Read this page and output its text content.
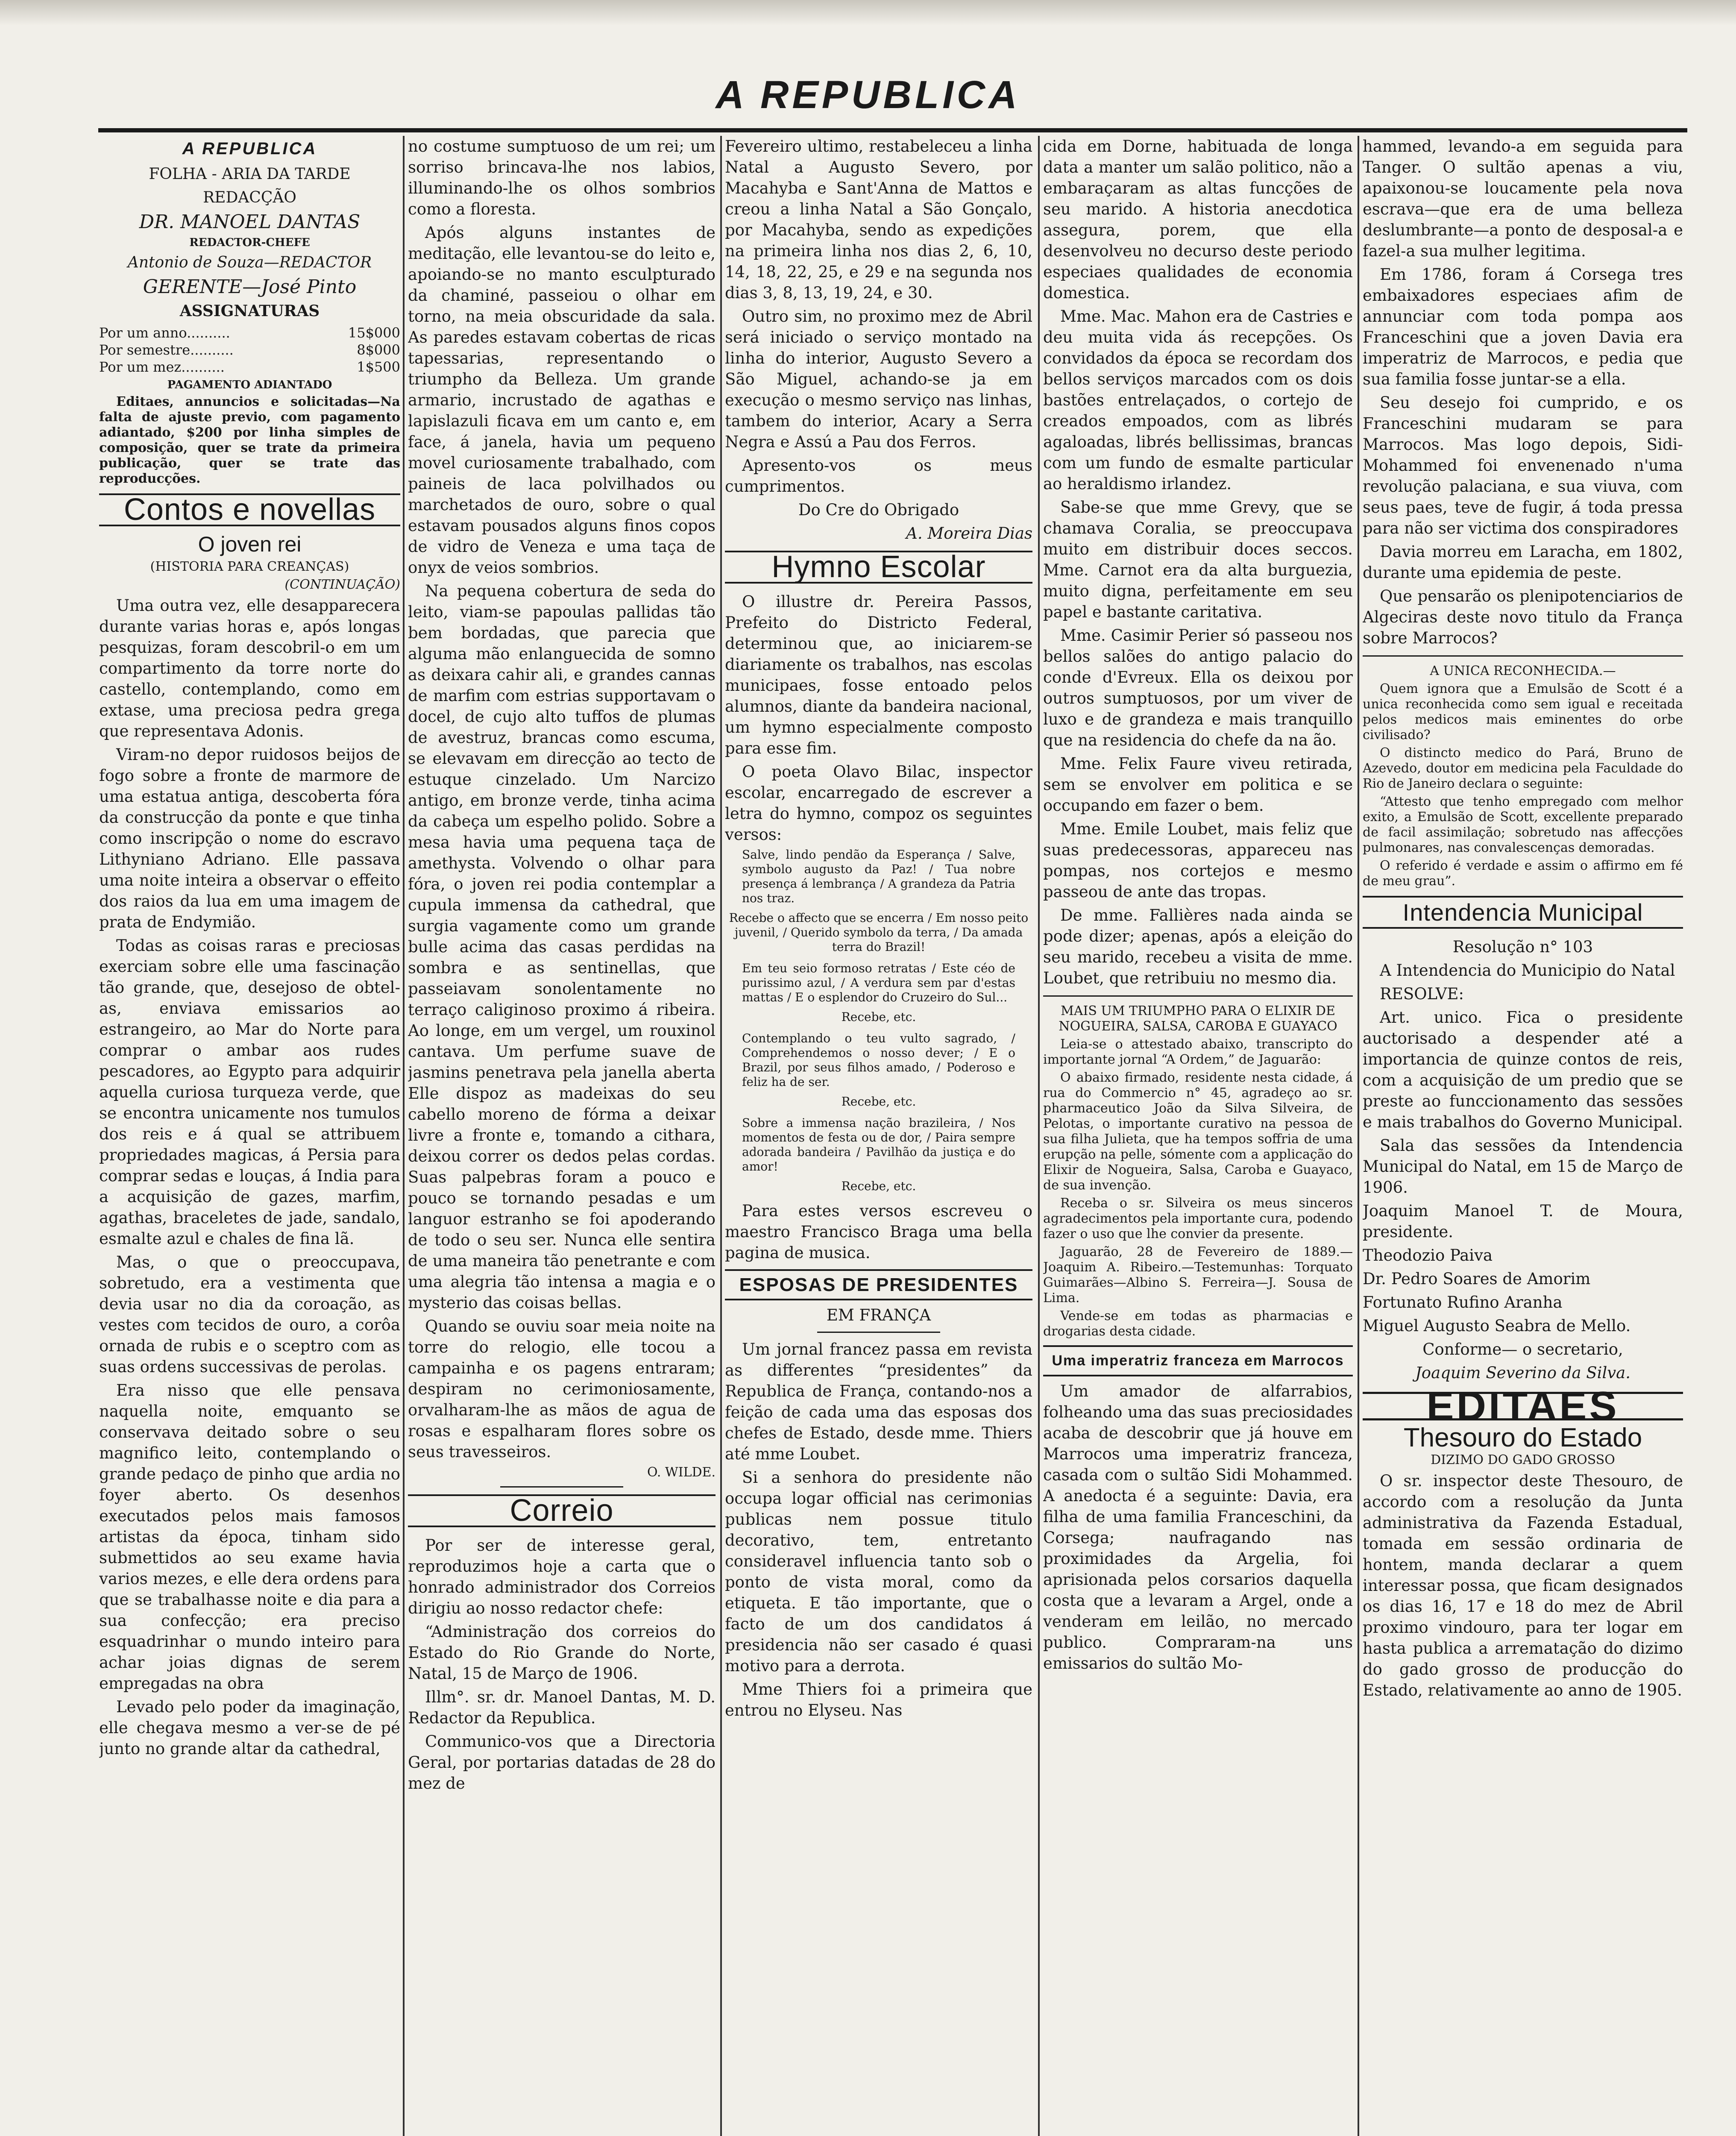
A REPUBLICA
A REPUBLICA
FOLHA - ARIA DA TARDE
REDACÇÃO
DR. MANOEL DANTAS
REDACTOR-CHEFE
Antonio de Souza—REDACTOR
GERENTE—José Pinto
ASSIGNATURAS
Por um anno..........	15$000
Por semestre..........	8$000
Por um mez..........	1$500
PAGAMENTO ADIANTADO

Editaes, annuncios e solicitadas—Na falta de ajuste previo, com pagamento adiantado, $200 por linha simples de composição, quer se trate da primeira publicação, quer se trate das reproducções.

Contos e novellas
O joven rei

(HISTORIA PARA CREANÇAS)

(CONTINUAÇÃO)

Uma outra vez, elle desapparecera durante varias horas e, após longas pesquizas, foram descobril-o em um compartimento da torre norte do castello, contemplando, como em extase, uma preciosa pedra grega que representava Adonis.

Viram-no depor ruidosos beijos de fogo sobre a fronte de marmore de uma estatua antiga, descoberta fóra da construcção da ponte e que tinha como inscripção o nome do escravo Lithyniano Adriano. Elle passava uma noite inteira a observar o effeito dos raios da lua em uma imagem de prata de Endymião.

Todas as coisas raras e preciosas exerciam sobre elle uma fascinação tão grande, que, desejoso de obtel-as, enviava emissarios ao estrangeiro, ao Mar do Norte para comprar o ambar aos rudes pescadores, ao Egypto para adquirir aquella curiosa turqueza verde, que se encontra unicamente nos tumulos dos reis e á qual se attribuem propriedades magicas, á Persia para comprar sedas e louças, á India para a acquisição de gazes, marfim, agathas, braceletes de jade, sandalo, esmalte azul e chales de fina lã.

Mas, o que o preoccupava, sobretudo, era a vestimenta que devia usar no dia da coroação, as vestes com tecidos de ouro, a corôa ornada de rubis e o sceptro com as suas ordens successivas de perolas.

Era nisso que elle pensava naquella noite, emquanto se conservava deitado sobre o seu magnifico leito, contemplando o grande pedaço de pinho que ardia no foyer aberto. Os desenhos executados pelos mais famosos artistas da época, tinham sido submettidos ao seu exame havia varios mezes, e elle dera ordens para que se trabalhasse noite e dia para a sua confecção; era preciso esquadrinhar o mundo inteiro para achar joias dignas de serem empregadas na obra

Levado pelo poder da imaginação, elle chegava mesmo a ver-se de pé junto no grande altar da cathedral,

no costume sumptuoso de um rei; um sorriso brincava-lhe nos labios, illuminando-lhe os olhos sombrios como a floresta.

Após alguns instantes de meditação, elle levantou-se do leito e, apoiando-se no manto esculpturado da chaminé, passeiou o olhar em torno, na meia obscuridade da sala. As paredes estavam cobertas de ricas tapessarias, representando o triumpho da Belleza. Um grande armario, incrustado de agathas e lapislazuli ficava em um canto e, em face, á janela, havia um pequeno movel curiosamente trabalhado, com paineis de laca polvilhados ou marchetados de ouro, sobre o qual estavam pousados alguns finos copos de vidro de Veneza e uma taça de onyx de veios sombrios.

Na pequena cobertura de seda do leito, viam-se papoulas pallidas tão bem bordadas, que parecia que alguma mão enlanguecida de somno as deixara cahir ali, e grandes cannas de marfim com estrias supportavam o docel, de cujo alto tuffos de plumas de avestruz, brancas como escuma, se elevavam em direcção ao tecto de estuque cinzelado. Um Narcizo antigo, em bronze verde, tinha acima da cabeça um espelho polido. Sobre a mesa havia uma pequena taça de amethysta. Volvendo o olhar para fóra, o joven rei podia contemplar a cupula immensa da cathedral, que surgia vagamente como um grande bulle acima das casas perdidas na sombra e as sentinellas, que passeiavam sonolentamente no terraço caliginoso proximo á ribeira. Ao longe, em um vergel, um rouxinol cantava. Um perfume suave de jasmins penetrava pela janella aberta Elle dispoz as madeixas do seu cabello moreno de fórma a deixar livre a fronte e, tomando a cithara, deixou correr os dedos pelas cordas. Suas palpebras foram a pouco e pouco se tornando pesadas e um languor estranho se foi apoderando de todo o seu ser. Nunca elle sentira de uma maneira tão penetrante e com uma alegria tão intensa a magia e o mysterio das coisas bellas.

Quando se ouviu soar meia noite na torre do relogio, elle tocou a campainha e os pagens entraram; despiram no cerimoniosamente, orvalharam-lhe as mãos de agua de rosas e espalharam flores sobre os seus travesseiros.

O. WILDE.

Correio

Por ser de interesse geral, reproduzimos hoje a carta que o honrado administrador dos Correios dirigiu ao nosso redactor chefe:

“Administração dos correios do Estado do Rio Grande do Norte, Natal, 15 de Março de 1906.

Illm°. sr. dr. Manoel Dantas, M. D. Redactor da Republica.

Communico-vos que a Directoria Geral, por portarias datadas de 28 do mez de

Fevereiro ultimo, restabeleceu a linha Natal a Augusto Severo, por Macahyba e Sant'Anna de Mattos e creou a linha Natal a São Gonçalo, por Macahyba, sendo as expedições na primeira linha nos dias 2, 6, 10, 14, 18, 22, 25, e 29 e na segunda nos dias 3, 8, 13, 19, 24, e 30.

Outro sim, no proximo mez de Abril será iniciado o serviço montado na linha do interior, Augusto Severo a São Miguel, achando-se ja em execução o mesmo serviço nas linhas, tambem do interior, Acary a Serra Negra e Assú a Pau dos Ferros.

Apresento-vos os meus cumprimentos.

Do Cre do Obrigado

A. Moreira Dias

Hymno Escolar

O illustre dr. Pereira Passos, Prefeito do Districto Federal, determinou que, ao iniciarem-se diariamente os trabalhos, nas escolas municipaes, fosse entoado pelos alumnos, diante da bandeira nacional, um hymno especialmente composto para esse fim.

O poeta Olavo Bilac, inspector escolar, encarregado de escrever a letra do hymno, compoz os seguintes versos:

Salve, lindo pendão da Esperança / Salve, symbolo augusto da Paz! / Tua nobre presença á lembrança / A grandeza da Patria nos traz.

Recebe o affecto que se encerra / Em nosso peito juvenil, / Querido symbolo da terra, / Da amada terra do Brazil!

Em teu seio formoso retratas / Este céo de purissimo azul, / A verdura sem par d'estas mattas / E o esplendor do Cruzeiro do Sul...

Recebe, etc.

Contemplando o teu vulto sagrado, / Comprehendemos o nosso dever; / E o Brazil, por seus filhos amado, / Poderoso e feliz ha de ser.

Recebe, etc.

Sobre a immensa nação brazileira, / Nos momentos de festa ou de dor, / Paira sempre adorada bandeira / Pavilhão da justiça e do amor!

Recebe, etc.

Para estes versos escreveu o maestro Francisco Braga uma bella pagina de musica.

ESPOSAS DE PRESIDENTES

EM FRANÇA

Um jornal francez passa em revista as differentes “presidentes” da Republica de França, contando-nos a feição de cada uma das esposas dos chefes de Estado, desde mme. Thiers até mme Loubet.

Si a senhora do presidente não occupa logar official nas cerimonias publicas nem possue titulo decorativo, tem, entretanto consideravel influencia tanto sob o ponto de vista moral, como da etiqueta. E tão importante, que o facto de um dos candidatos á presidencia não ser casado é quasi motivo para a derrota.

Mme Thiers foi a primeira que entrou no Elyseu. Nas

cida em Dorne, habituada de longa data a manter um salão politico, não a embaraçaram as altas funcções de seu marido. A historia anecdotica assegura, porem, que ella desenvolveu no decurso deste periodo especiaes qualidades de economia domestica.

Mme. Mac. Mahon era de Castries e deu muita vida ás recepções. Os convidados da época se recordam dos bellos serviços marcados com os dois bastões entrelaçados, o cortejo de creados empoados, com as librés agaloadas, librés bellissimas, brancas com um fundo de esmalte particular ao heraldismo irlandez.

Sabe-se que mme Grevy, que se chamava Coralia, se preoccupava muito em distribuir doces seccos. Mme. Carnot era da alta burguezia, muito digna, perfeitamente em seu papel e bastante caritativa.

Mme. Casimir Perier só passeou nos bellos salões do antigo palacio do conde d'Evreux. Ella os deixou por outros sumptuosos, por um viver de luxo e de grandeza e mais tranquillo que na residencia do chefe da na ão.

Mme. Felix Faure viveu retirada, sem se envolver em politica e se occupando em fazer o bem.

Mme. Emile Loubet, mais feliz que suas predecessoras, appareceu nas pompas, nos cortejos e mesmo passeou de ante das tropas.

De mme. Fallières nada ainda se pode dizer; apenas, após a eleição do seu marido, recebeu a visita de mme. Loubet, que retribuiu no mesmo dia.

MAIS UM TRIUMPHO PARA O ELIXIR DE NOGUEIRA, SALSA, CAROBA E GUAYACO

Leia-se o attestado abaixo, transcripto do importante jornal “A Ordem,” de Jaguarão:

O abaixo firmado, residente nesta cidade, á rua do Commercio n° 45, agradeço ao sr. pharmaceutico João da Silva Silveira, de Pelotas, o importante curativo na pessoa de sua filha Julieta, que ha tempos soffria de uma erupção na pelle, sómente com a applicação do Elixir de Nogueira, Salsa, Caroba e Guayaco, de sua invenção.

Receba o sr. Silveira os meus sinceros agradecimentos pela importante cura, podendo fazer o uso que lhe convier da presente.

Jaguarão, 28 de Fevereiro de 1889.—Joaquim A. Ribeiro.—Testemunhas: Torquato Guimarães—Albino S. Ferreira—J. Sousa de Lima.

Vende-se em todas as pharmacias e drogarias desta cidade.

Uma imperatriz franceza em Marrocos

Um amador de alfarrabios, folheando uma das suas preciosidades acaba de descobrir que já houve em Marrocos uma imperatriz franceza, casada com o sultão Sidi Mohammed. A anedocta é a seguinte: Davia, era filha de uma familia Franceschini, da Corsega; naufragando nas proximidades da Argelia, foi aprisionada pelos corsarios daquella costa que a levaram a Argel, onde a venderam em leilão, no mercado publico. Compraram-na uns emissarios do sultão Mo-

hammed, levando-a em seguida para Tanger. O sultão apenas a viu, apaixonou-se loucamente pela nova escrava—que era de uma belleza deslumbrante—a ponto de desposal-a e fazel-a sua mulher legitima.

Em 1786, foram á Corsega tres embaixadores especiaes afim de annunciar com toda pompa aos Franceschini que a joven Davia era imperatriz de Marrocos, e pedia que sua familia fosse juntar-se a ella.

Seu desejo foi cumprido, e os Franceschini mudaram se para Marrocos. Mas logo depois, Sidi-Mohammed foi envenenado n'uma revolução palaciana, e sua viuva, com seus paes, teve de fugir, á toda pressa para não ser victima dos conspiradores

Davia morreu em Laracha, em 1802, durante uma epidemia de peste.

Que pensarão os plenipotenciarios de Algeciras deste novo titulo da França sobre Marrocos?

A UNICA RECONHECIDA.—

Quem ignora que a Emulsão de Scott é a unica reconhecida como sem igual e receitada pelos medicos mais eminentes do orbe civilisado?

O distincto medico do Pará, Bruno de Azevedo, doutor em medicina pela Faculdade do Rio de Janeiro declara o seguinte:

“Attesto que tenho empregado com melhor exito, a Emulsão de Scott, excellente preparado de facil assimilação; sobretudo nas affecções pulmonares, nas convalescenças demoradas.

O referido é verdade e assim o affirmo em fé de meu grau”.

Intendencia Municipal

Resolução n° 103

A Intendencia do Municipio do Natal

RESOLVE:

Art. unico. Fica o presidente auctorisado a despender até a importancia de quinze contos de reis, com a acquisição de um predio que se preste ao funccionamento das sessões e mais trabalhos do Governo Municipal.

Sala das sessões da Intendencia Municipal do Natal, em 15 de Março de 1906.

Joaquim Manoel T. de Moura, presidente.

Theodozio Paiva

Dr. Pedro Soares de Amorim

Fortunato Rufino Aranha

Miguel Augusto Seabra de Mello.

Conforme— o secretario,

Joaquim Severino da Silva.

EDITAES
Thesouro do Estado

DIZIMO DO GADO GROSSO

O sr. inspector deste Thesouro, de accordo com a resolução da Junta administrativa da Fazenda Estadual, tomada em sessão ordinaria de hontem, manda declarar a quem interessar possa, que ficam designados os dias 16, 17 e 18 do mez de Abril proximo vindouro, para ter logar em hasta publica a arrematação do dizimo do gado grosso de producção do Estado, relativamente ao anno de 1905.
